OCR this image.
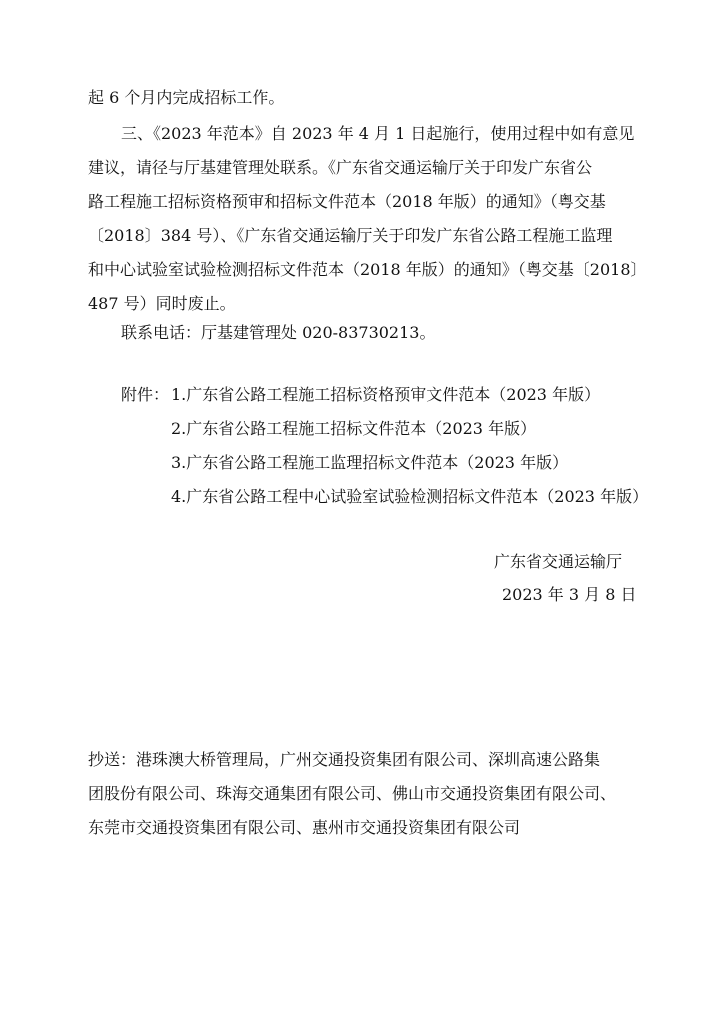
起 6 个月内完成招标工作。
三、《2023 年范本》自 2023 年 4 月 1 日起施行，使用过程中如有意见
建议，请径与厅基建管理处联系。《广东省交通运输厅关于印发广东省公
路工程施工招标资格预审和招标文件范本（2018 年版）的通知》（粤交基
〔2018〕384 号）、《广东省交通运输厅关于印发广东省公路工程施工监理
和中心试验室试验检测招标文件范本（2018 年版）的通知》（粤交基〔2018〕
487 号）同时废止。
联系电话：厅基建管理处 020-83730213。
附件： 1.广东省公路工程施工招标资格预审文件范本（2023 年版）
2.广东省公路工程施工招标文件范本（2023 年版）
3.广东省公路工程施工监理招标文件范本（2023 年版）
4.广东省公路工程中心试验室试验检测招标文件范本（2023 年版）
广东省交通运输厅
2023 年 3 月 8 日
抄送：港珠澳大桥管理局，广州交通投资集团有限公司、深圳高速公路集
团股份有限公司、珠海交通集团有限公司、佛山市交通投资集团有限公司、
东莞市交通投资集团有限公司、惠州市交通投资集团有限公司
